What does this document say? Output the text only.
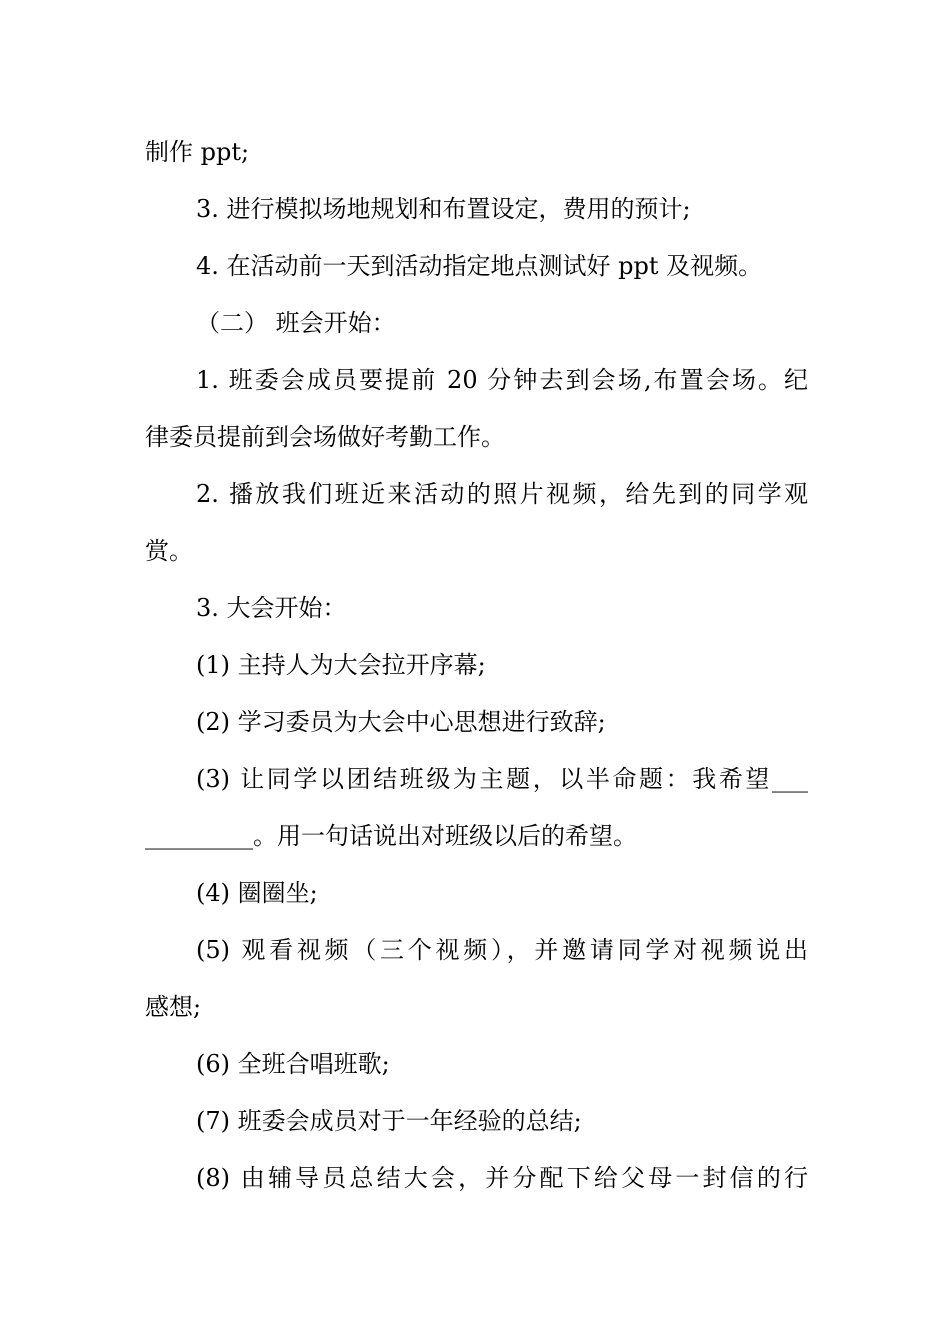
制作 ppt;
3. 进行模拟场地规划和布置设定，费用的预计;
4. 在活动前一天到活动指定地点测试好 ppt 及视频。
（二） 班会开始：
1. 班委会成员要提前 20 分钟去到会场,布置会场。纪
律委员提前到会场做好考勤工作。
2. 播放我们班近来活动的照片视频，给先到的同学观
赏。
3. 大会开始：
(1) 主持人为大会拉开序幕;
(2) 学习委员为大会中心思想进行致辞;
(3) 让同学以团结班级为主题，以半命题：我希望___
_________。用一句话说出对班级以后的希望。
(4) 圈圈坐;
(5) 观看视频（三个视频），并邀请同学对视频说出
感想;
(6) 全班合唱班歌;
(7) 班委会成员对于一年经验的总结;
(8) 由辅导员总结大会，并分配下给父母一封信的行
